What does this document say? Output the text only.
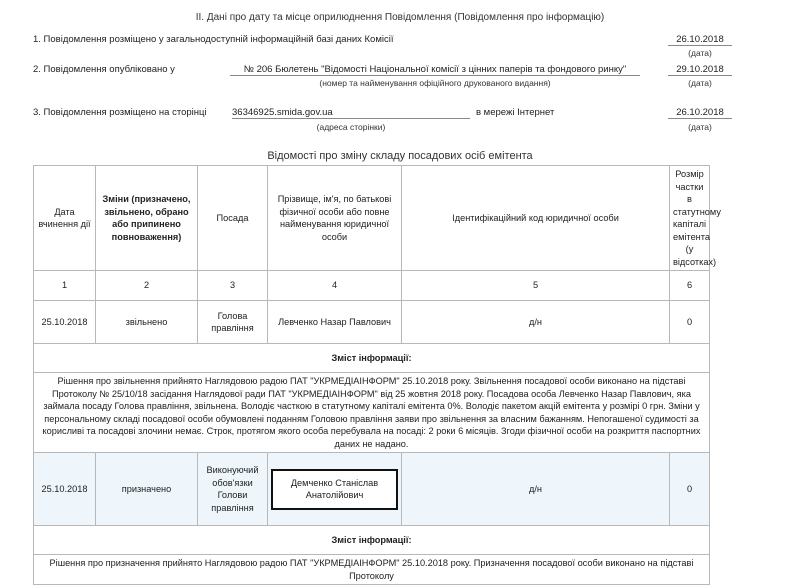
II. Дані про дату та місце оприлюднення Повідомлення (Повідомлення про інформацію)
1. Повідомлення розміщено у загальнодоступній інформаційній базі даних Комісії	26.10.2018
(дата)
2. Повідомлення опубліковано у	№ 206 Бюлетень "Відомості Національної комісії з цінних паперів та фондового ринку"
(номер та найменування офіційного друкованого видання)
29.10.2018
(дата)
3. Повідомлення розміщено на сторінці	36346925.smida.gov.ua
(адреса сторінки)
в мережі Інтернет	26.10.2018
(дата)
Відомості про зміну складу посадових осіб емітента
Дата вчинення дії	Зміни (призначено, звільнено, обрано або припинено повноваження)	Посада	Прізвище, ім'я, по батькові фізичної особи або повне найменування юридичної особи	Ідентифікаційний код юридичної особи	Розмір частки в статутному капіталі емітента (у відсотках)
1	2	3	4	5	6
25.10.2018	звільнено	Голова правління	Левченко Назар Павлович	д/н	0
Зміст інформації:					
Рішення про звільнення прийнято Наглядовою радою ПАТ "УКРМЕДІАІНФОРМ" 25.10.2018 року. Звільнення посадової особи виконано на підставі Протоколу № 25/10/18 засідання Наглядової ради ПАТ "УКРМЕДІАІНФОРМ" від 25 жовтня 2018 року. Посадова особа Левченко Назар Павлович, яка займала посаду Голова правління, звільнена. Володіє часткою в статутному капіталі емітента 0%. Володіє пакетом акцій емітента у розмірі 0 грн. Зміни у персональному складі посадової особи обумовлені поданням Головою правління заяви про звільнення за власним бажанням. Непогашеної судимості за корисливі та посадові злочини немає. Строк, протягом якого особа перебувала на посаді: 2 роки 6 місяців. Згоди фізичної особи на розкриття паспортних даних не надано.					
25.10.2018	призначено	Виконуючий обов'язки Голови правління	Демченко Станіслав Анатолійович	д/н	0
Зміст інформації:					
Рішення про призначення прийнято Наглядовою радою ПАТ "УКРМЕДІАІНФОРМ" 25.10.2018 року. Призначення посадової особи виконано на підставі Протоколу					
